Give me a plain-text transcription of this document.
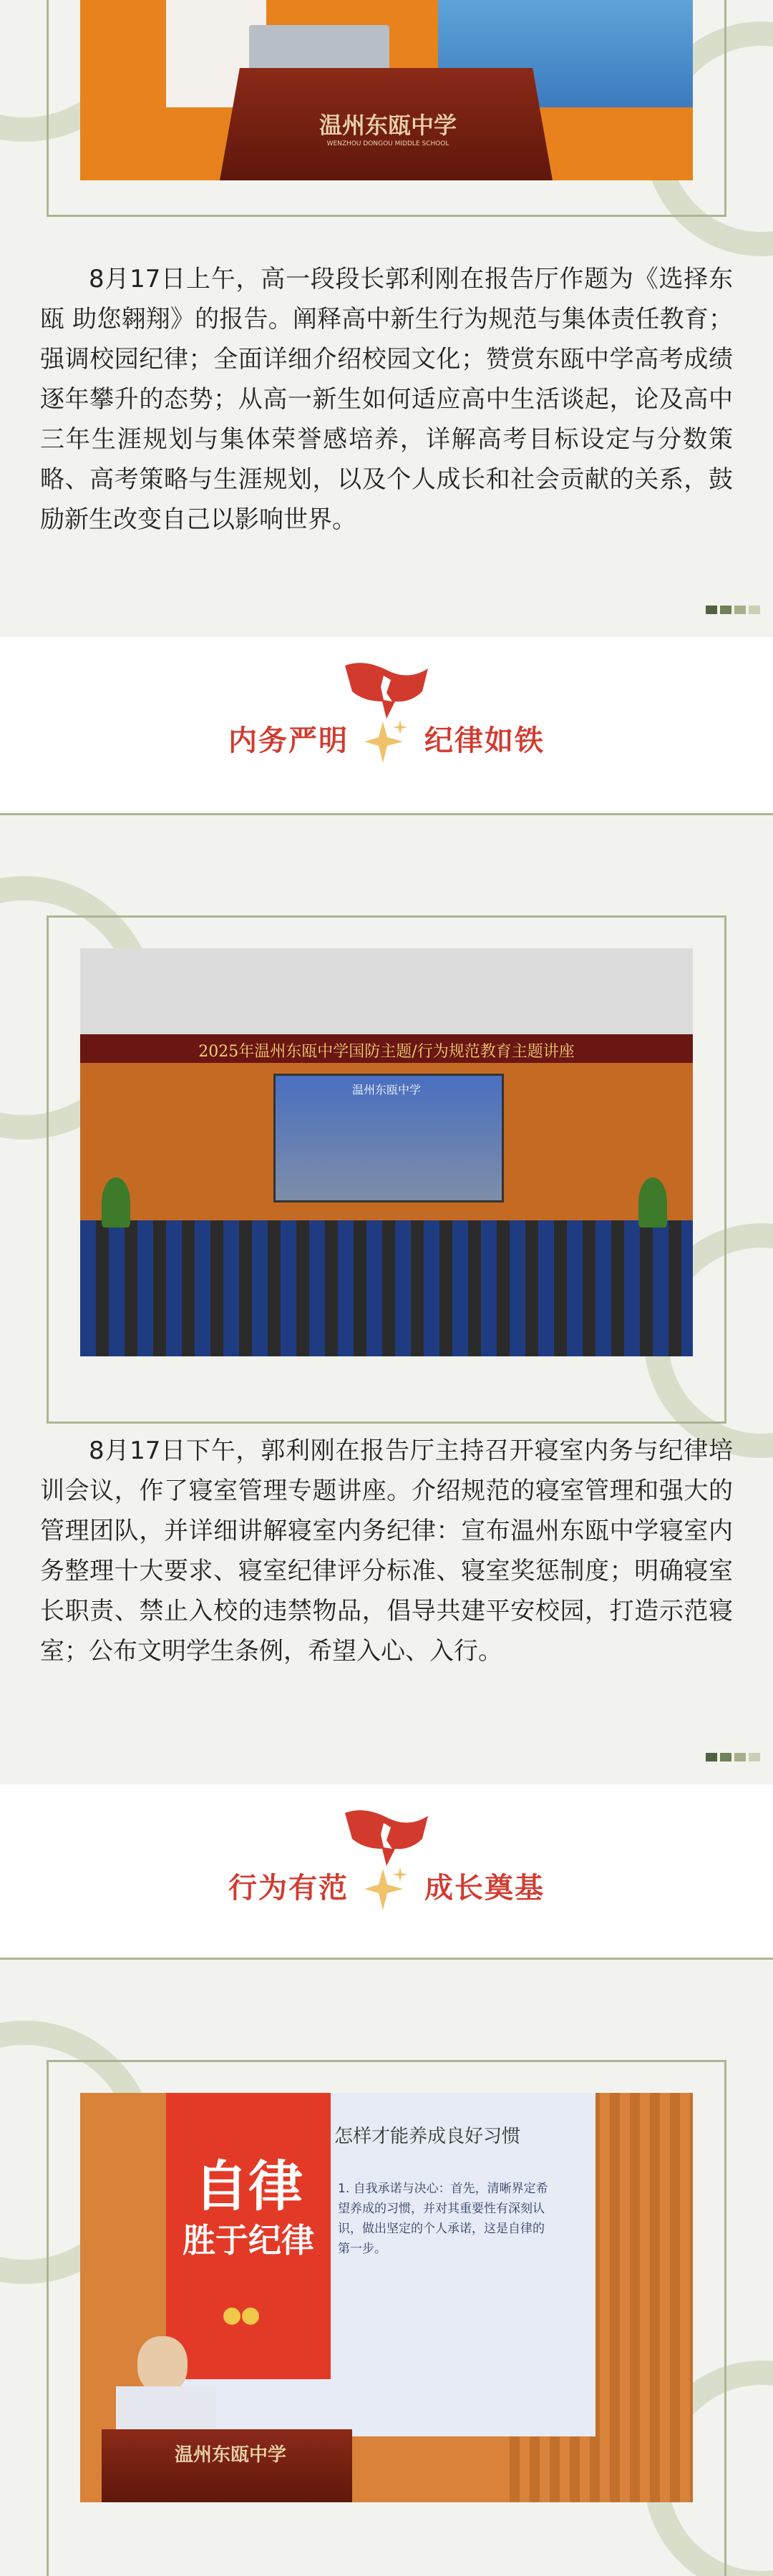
温州东瓯中学
WENZHOU DONGOU MIDDLE SCHOOL

8月17日上午，高一段段长郭利刚在报告厅作题为《选择东瓯 助您翱翔》的报告。阐释高中新生行为规范与集体责任教育；强调校园纪律；全面详细介绍校园文化；赞赏东瓯中学高考成绩逐年攀升的态势；从高一新生如何适应高中生活谈起，论及高中三年生涯规划与集体荣誉感培养，详解高考目标设定与分数策略、高考策略与生涯规划，以及个人成长和社会贡献的关系，鼓励新生改变自己以影响世界。

内务严明	纪律如铁
2025年温州东瓯中学国防主题/行为规范教育主题讲座
温州东瓯中学

8月17日下午，郭利刚在报告厅主持召开寝室内务与纪律培训会议，作了寝室管理专题讲座。介绍规范的寝室管理和强大的管理团队，并详细讲解寝室内务纪律：宣布温州东瓯中学寝室内务整理十大要求、寝室纪律评分标准、寝室奖惩制度；明确寝室长职责、禁止入校的违禁物品，倡导共建平安校园，打造示范寝室；公布文明学生条例，希望入心、入行。

行为有范	成长奠基
怎样才能养成良好习惯
1. 自我承诺与决心：首先，清晰界定希望养成的习惯，并对其重要性有深刻认识，做出坚定的个人承诺，这是自律的第一步。
自律
胜于纪律
温州东瓯中学
